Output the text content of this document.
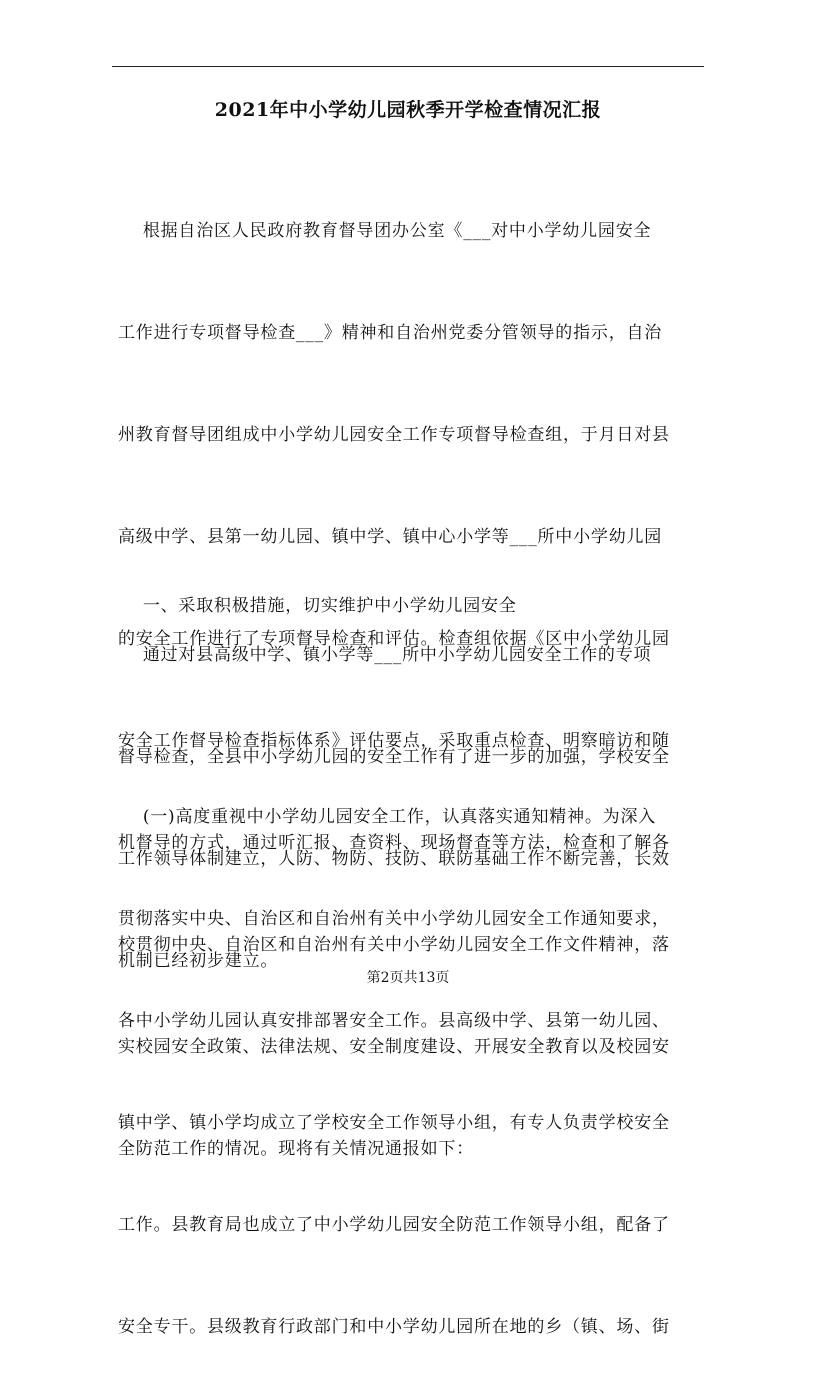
2021年中小学幼儿园秋季开学检查情况汇报

根据自治区人民政府教育督导团办公室《___对中小学幼儿园安全

工作进行专项督导检查___》精神和自治州党委分管领导的指示，自治

州教育督导团组成中小学幼儿园安全工作专项督导检查组，于月日对县

高级中学、县第一幼儿园、镇中学、镇中心小学等___所中小学幼儿园

的安全工作进行了专项督导检查和评估。检查组依据《区中小学幼儿园

安全工作督导检查指标体系》评估要点，采取重点检查、明察暗访和随

机督导的方式，通过听汇报、查资料、现场督查等方法，检查和了解各

校贯彻中央、自治区和自治州有关中小学幼儿园安全工作文件精神，落

实校园安全政策、法律法规、安全制度建设、开展安全教育以及校园安

全防范工作的情况。现将有关情况通报如下：

一、采取积极措施，切实维护中小学幼儿园安全

通过对县高级中学、镇小学等___所中小学幼儿园安全工作的专项

督导检查，全县中小学幼儿园的安全工作有了进一步的加强，学校安全

工作领导体制建立，人防、物防、技防、联防基础工作不断完善，长效

机制已经初步建立。

(一)高度重视中小学幼儿园安全工作，认真落实通知精神。为深入

贯彻落实中央、自治区和自治州有关中小学幼儿园安全工作通知要求，

各中小学幼儿园认真安排部署安全工作。县高级中学、县第一幼儿园、

镇中学、镇小学均成立了学校安全工作领导小组，有专人负责学校安全

工作。县教育局也成立了中小学幼儿园安全防范工作领导小组，配备了

安全专干。县级教育行政部门和中小学幼儿园所在地的乡（镇、场、街

第2页共13页
